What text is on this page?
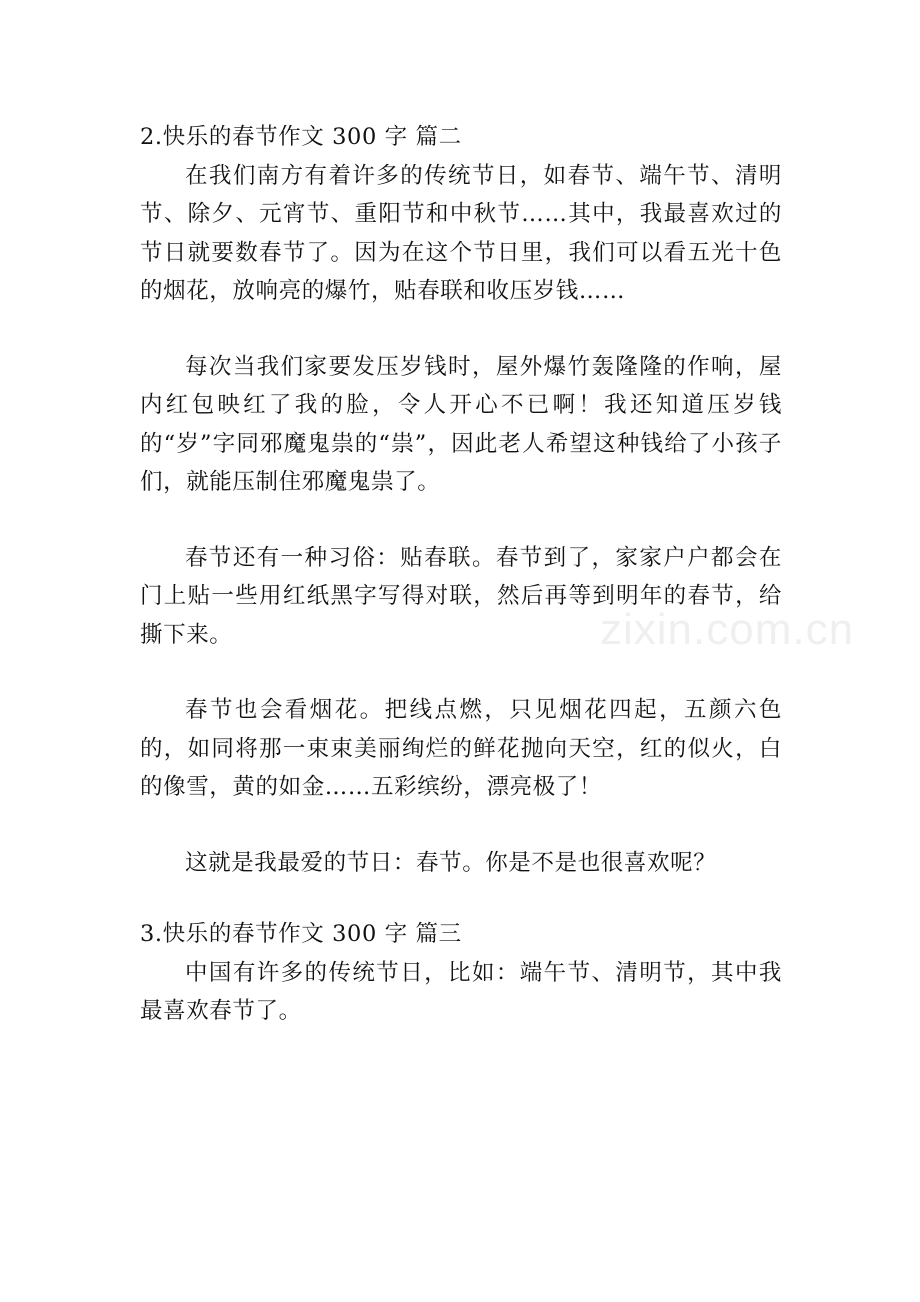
zixin.com.cn
2.快乐的春节作文 300 字 篇二

在我们南方有着许多的传统节日，如春节、端午节、清明节、除夕、元宵节、重阳节和中秋节……其中，我最喜欢过的节日就要数春节了。因为在这个节日里，我们可以看五光十色的烟花，放响亮的爆竹，贴春联和收压岁钱……

每次当我们家要发压岁钱时，屋外爆竹轰隆隆的作响，屋内红包映红了我的脸，令人开心不已啊！我还知道压岁钱的“岁”字同邪魔鬼祟的“祟”，因此老人希望这种钱给了小孩子们，就能压制住邪魔鬼祟了。

春节还有一种习俗：贴春联。春节到了，家家户户都会在门上贴一些用红纸黑字写得对联，然后再等到明年的春节，给撕下来。

春节也会看烟花。把线点燃，只见烟花四起，五颜六色的，如同将那一束束美丽绚烂的鲜花抛向天空，红的似火，白的像雪，黄的如金……五彩缤纷，漂亮极了！

这就是我最爱的节日：春节。你是不是也很喜欢呢？

3.快乐的春节作文 300 字 篇三

中国有许多的传统节日，比如：端午节、清明节，其中我最喜欢春节了。
